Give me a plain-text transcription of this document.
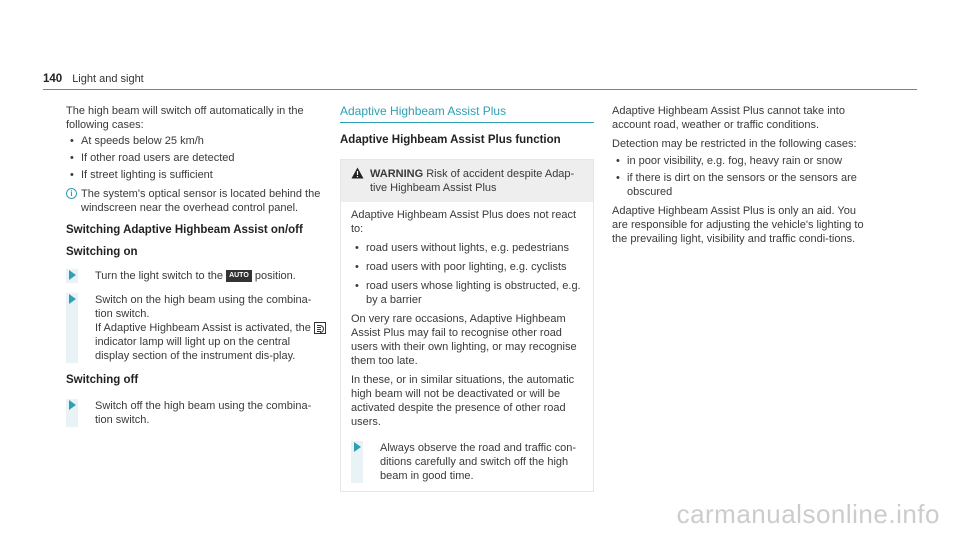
140 Light and sight

The high beam will switch off automatically in the following cases:

• At speeds below 25 km/h

• If other road users are detected

• If street lighting is sufficient

i The system's optical sensor is located behind the windscreen near the overhead control panel.

Switching Adaptive Highbeam Assist on/off
Switching on

Turn the light switch to the AUTO position.

Switch on the high beam using the combina-tion switch.

If Adaptive Highbeam Assist is activated, the  indicator lamp will light up on the central display section of the instrument dis-play.

Switching off

Switch off the high beam using the combina-tion switch.

Adaptive Highbeam Assist Plus
Adaptive Highbeam Assist Plus function
WARNING Risk of accident despite Adap-tive Highbeam Assist Plus

Adaptive Highbeam Assist Plus does not react to:

• road users without lights, e.g. pedestrians

• road users with poor lighting, e.g. cyclists

• road users whose lighting is obstructed, e.g. by a barrier

On very rare occasions, Adaptive Highbeam Assist Plus may fail to recognise other road users with their own lighting, or may recognise them too late.

In these, or in similar situations, the automatic high beam will not be deactivated or will be activated despite the presence of other road users.

Always observe the road and traffic con-ditions carefully and switch off the high beam in good time.

Adaptive Highbeam Assist Plus cannot take into account road, weather or traffic conditions.

Detection may be restricted in the following cases:

• in poor visibility, e.g. fog, heavy rain or snow

• if there is dirt on the sensors or the sensors are obscured

Adaptive Highbeam Assist Plus is only an aid. You are responsible for adjusting the vehicle's lighting to the prevailing light, visibility and traffic condi-tions.

carmanualsonline.info
